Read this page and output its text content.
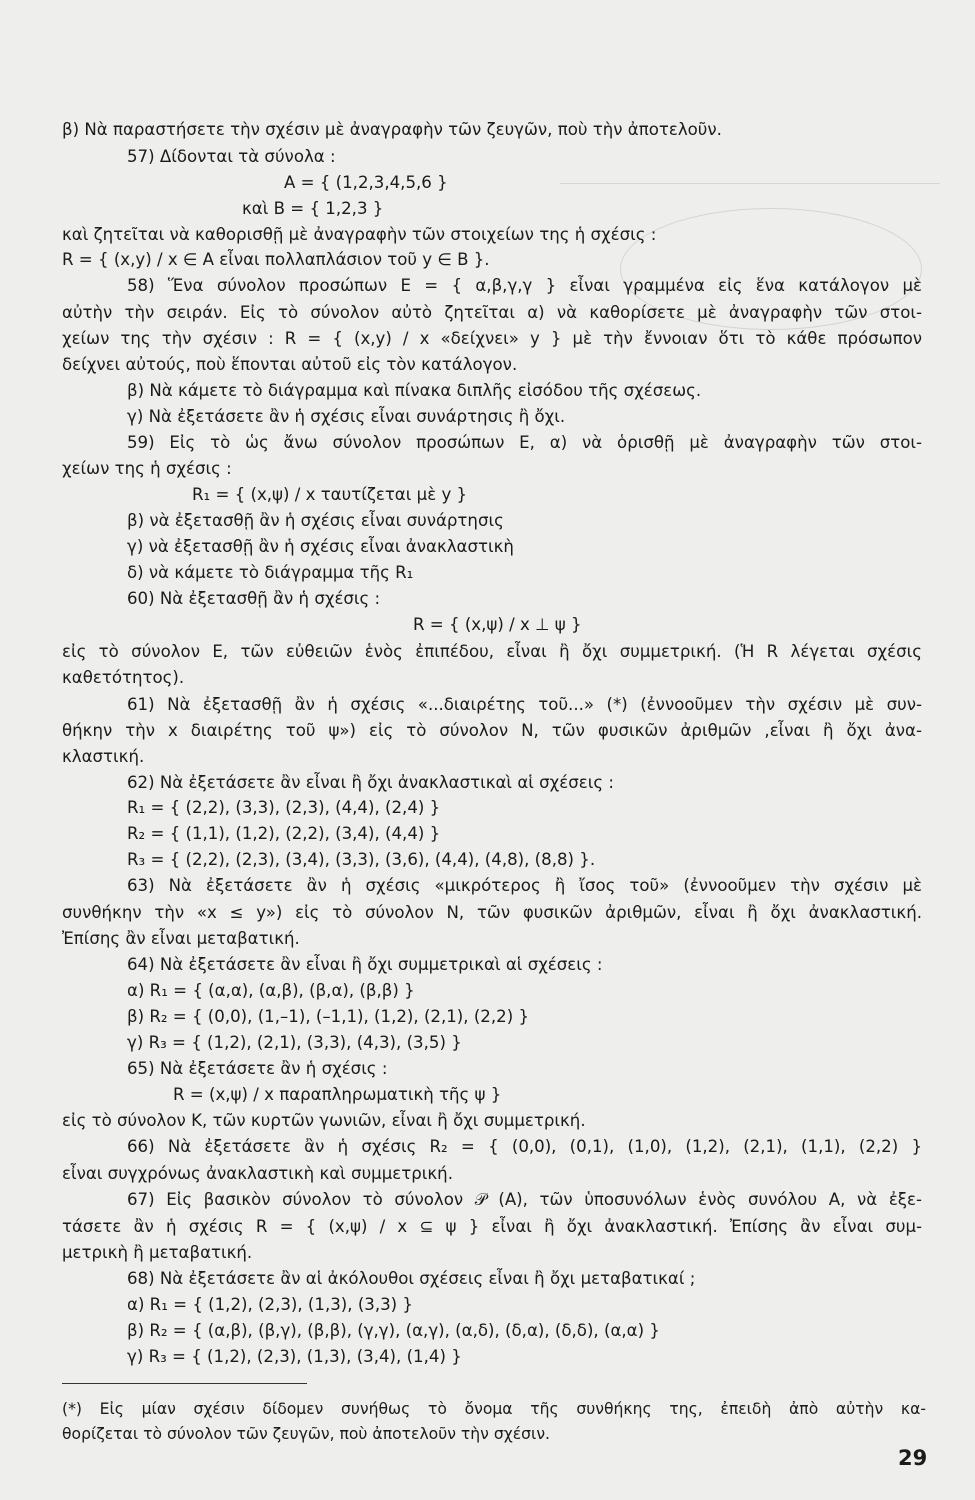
β) Νὰ παραστήσετε τὴν σχέσιν μὲ ἀναγραφὴν τῶν ζευγῶν, ποὺ τὴν ἀποτελοῦν.
57) Δίδονται τὰ σύνολα :
A = { (1,2,3,4,5,6 }
καὶ B = { 1,2,3 }
καὶ ζητεῖται νὰ καθορισθῇ μὲ ἀναγραφὴν τῶν στοιχείων της ἡ σχέσις :
R = { (x,y) / x ∈ A εἶναι πολλαπλάσιον τοῦ y ∈ B }.
58) Ἕνα σύνολον προσώπων E = { α,β,γ,γ } εἶναι γραμμένα εἰς ἕνα κατάλογον μὲ
αὐτὴν τὴν σειράν. Εἰς τὸ σύνολον αὐτὸ ζητεῖται α) νὰ καθορίσετε μὲ ἀναγραφὴν τῶν στοι-
χείων της τὴν σχέσιν : R = { (x,y) / x «δείχνει» y } μὲ τὴν ἔννοιαν ὅτι τὸ κάθε πρόσωπον
δείχνει αὐτούς, ποὺ ἕπονται αὐτοῦ εἰς τὸν κατάλογον.
β) Νὰ κάμετε τὸ διάγραμμα καὶ πίνακα διπλῆς εἰσόδου τῆς σχέσεως.
γ) Νὰ ἐξετάσετε ἂν ἡ σχέσις εἶναι συνάρτησις ἢ ὄχι.
59) Εἰς τὸ ὡς ἄνω σύνολον προσώπων E, α) νὰ ὁρισθῇ μὲ ἀναγραφὴν τῶν στοι-
χείων της ἡ σχέσις :
R₁ = { (x,ψ) / x ταυτίζεται μὲ y }
β) νὰ ἐξετασθῇ ἂν ἡ σχέσις εἶναι συνάρτησις
γ) νὰ ἐξετασθῇ ἂν ἡ σχέσις εἶναι ἀνακλαστικὴ
δ) νὰ κάμετε τὸ διάγραμμα τῆς R₁
60) Νὰ ἐξετασθῇ ἂν ἡ σχέσις :
R = { (x,ψ) / x ⊥ ψ }
εἰς τὸ σύνολον E, τῶν εὐθειῶν ἑνὸς ἐπιπέδου, εἶναι ἢ ὄχι συμμετρική. (Ἡ R λέγεται σχέσις
καθετότητος).
61) Νὰ ἐξετασθῇ ἂν ἡ σχέσις «...διαιρέτης τοῦ...» (*) (ἐννοοῦμεν τὴν σχέσιν μὲ συν-
θήκην τὴν x διαιρέτης τοῦ ψ») εἰς τὸ σύνολον N, τῶν φυσικῶν ἀριθμῶν ,εἶναι ἢ ὄχι ἀνα-
κλαστική.
62) Νὰ ἐξετάσετε ἂν εἶναι ἢ ὄχι ἀνακλαστικαὶ αἱ σχέσεις :
R₁ = { (2,2), (3,3), (2,3), (4,4), (2,4) }
R₂ = { (1,1), (1,2), (2,2), (3,4), (4,4) }
R₃ = { (2,2), (2,3), (3,4), (3,3), (3,6), (4,4), (4,8), (8,8) }.
63) Νὰ ἐξετάσετε ἂν ἡ σχέσις «μικρότερος ἢ ἴσος τοῦ» (ἐννοοῦμεν τὴν σχέσιν μὲ
συνθήκην τὴν «x ≤ y») εἰς τὸ σύνολον N, τῶν φυσικῶν ἀριθμῶν, εἶναι ἢ ὄχι ἀνακλαστική.
Ἐπίσης ἂν εἶναι μεταβατική.
64) Νὰ ἐξετάσετε ἂν εἶναι ἢ ὄχι συμμετρικαὶ αἱ σχέσεις :
α) R₁ = { (α,α), (α,β), (β,α), (β,β) }
β) R₂ = { (0,0), (1,–1), (–1,1), (1,2), (2,1), (2,2) }
γ) R₃ = { (1,2), (2,1), (3,3), (4,3), (3,5) }
65) Νὰ ἐξετάσετε ἂν ἡ σχέσις :
R = (x,ψ) / x παραπληρωματικὴ τῆς ψ }
εἰς τὸ σύνολον K, τῶν κυρτῶν γωνιῶν, εἶναι ἢ ὄχι συμμετρική.
66) Νὰ ἐξετάσετε ἂν ἡ σχέσις R₂ = { (0,0), (0,1), (1,0), (1,2), (2,1), (1,1), (2,2) }
εἶναι συγχρόνως ἀνακλαστικὴ καὶ συμμετρική.
67) Εἰς βασικὸν σύνολον τὸ σύνολον 𝒫 (A), τῶν ὑποσυνόλων ἑνὸς συνόλου A, νὰ ἐξε-
τάσετε ἂν ἡ σχέσις R = { (x,ψ) / x ⊆ ψ } εἶναι ἢ ὄχι ἀνακλαστική. Ἐπίσης ἂν εἶναι συμ-
μετρικὴ ἢ μεταβατική.
68) Νὰ ἐξετάσετε ἂν αἱ ἀκόλουθοι σχέσεις εἶναι ἢ ὄχι μεταβατικαί ;
α) R₁ = { (1,2), (2,3), (1,3), (3,3) }
β) R₂ = { (α,β), (β,γ), (β,β), (γ,γ), (α,γ), (α,δ), (δ,α), (δ,δ), (α,α) }
γ) R₃ = { (1,2), (2,3), (1,3), (3,4), (1,4) }
(*) Εἰς μίαν σχέσιν δίδομεν συνήθως τὸ ὄνομα τῆς συνθήκης της, ἐπειδὴ ἀπὸ αὐτὴν κα-
θορίζεται τὸ σύνολον τῶν ζευγῶν, ποὺ ἀποτελοῦν τὴν σχέσιν.
29
